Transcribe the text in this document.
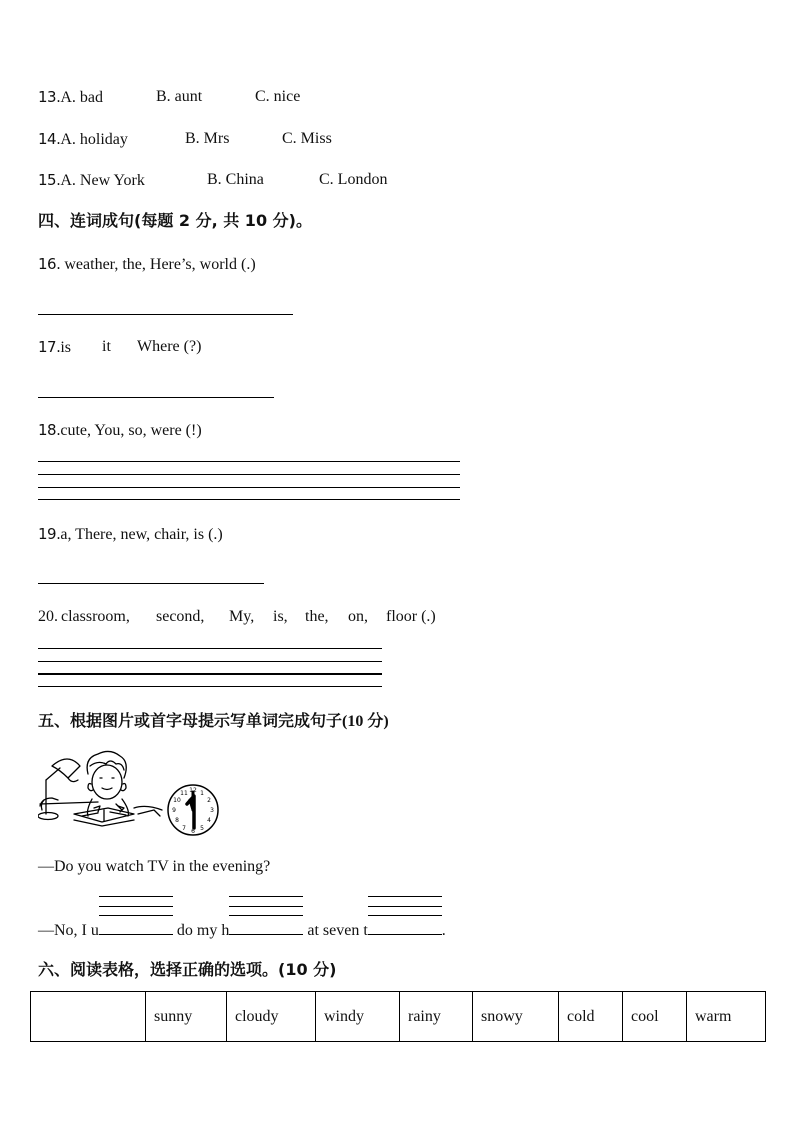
13.A. bad	B. aunt	C. nice
14.A. holiday	B. Mrs	C. Miss
15.A. New York	B. China	C. London
四、连词成句(每题 2 分, 共 10 分)。
16. weather, the, Here’s, world (.)
17.is it Where (?)
18.cute, You, so, were (!)
19.a, There, new, chair, is (.)
20. classroom, second, My, is, the, on, floor (.)
五、根据图片或首字母提示写单词完成句子(10 分)
12 1
2
3
4
5
6
7
8
9
10
11
—Do you watch TV in the evening?
—No, I u	do my h	at seven t	.
六、阅读表格，选择正确的选项。(10 分)
	sunny	cloudy	windy	rainy	snowy	cold	cool	warm
